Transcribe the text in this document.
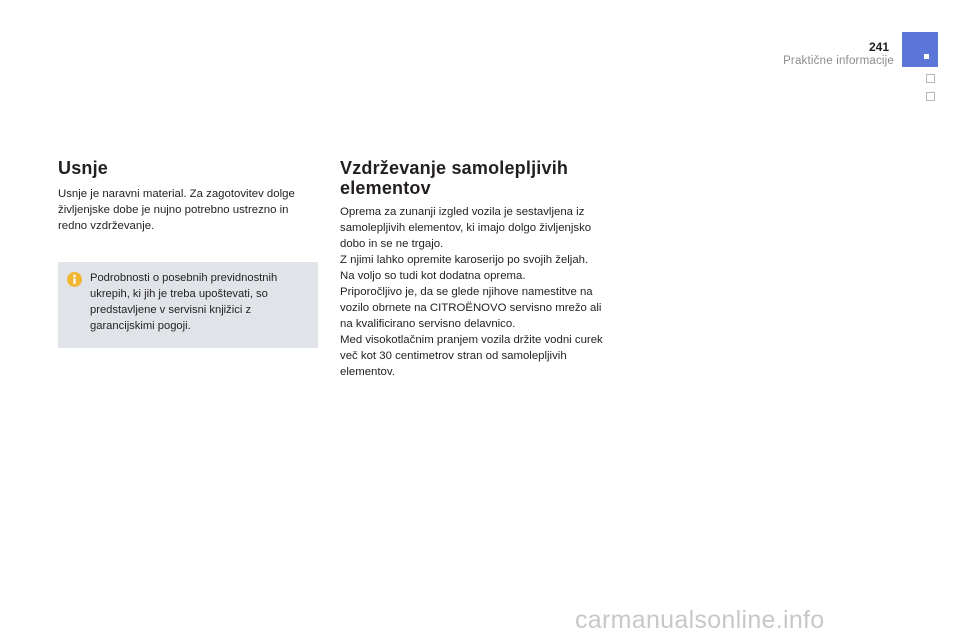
241
Praktične informacije
Usnje

Usnje je naravni material. Za zagotovitev dolge življenjske dobe je nujno potrebno ustrezno in redno vzdrževanje.

Podrobnosti o posebnih previdnostnih ukrepih, ki jih je treba upoštevati, so predstavljene v servisni knjižici z garancijskimi pogoji.
Vzdrževanje samolepljivih elementov

Oprema za zunanji izgled vozila je sestavljena iz samolepljivih elementov, ki imajo dolgo življenjsko dobo in se ne trgajo.

Z njimi lahko opremite karoserijo po svojih željah.

Na voljo so tudi kot dodatna oprema.

Priporočljivo je, da se glede njihove namestitve na vozilo obrnete na CITROËNOVO servisno mrežo ali na kvalificirano servisno delavnico.

Med visokotlačnim pranjem vozila držite vodni curek več kot 30 centimetrov stran od samolepljivih elementov.

carmanualsonline.info
